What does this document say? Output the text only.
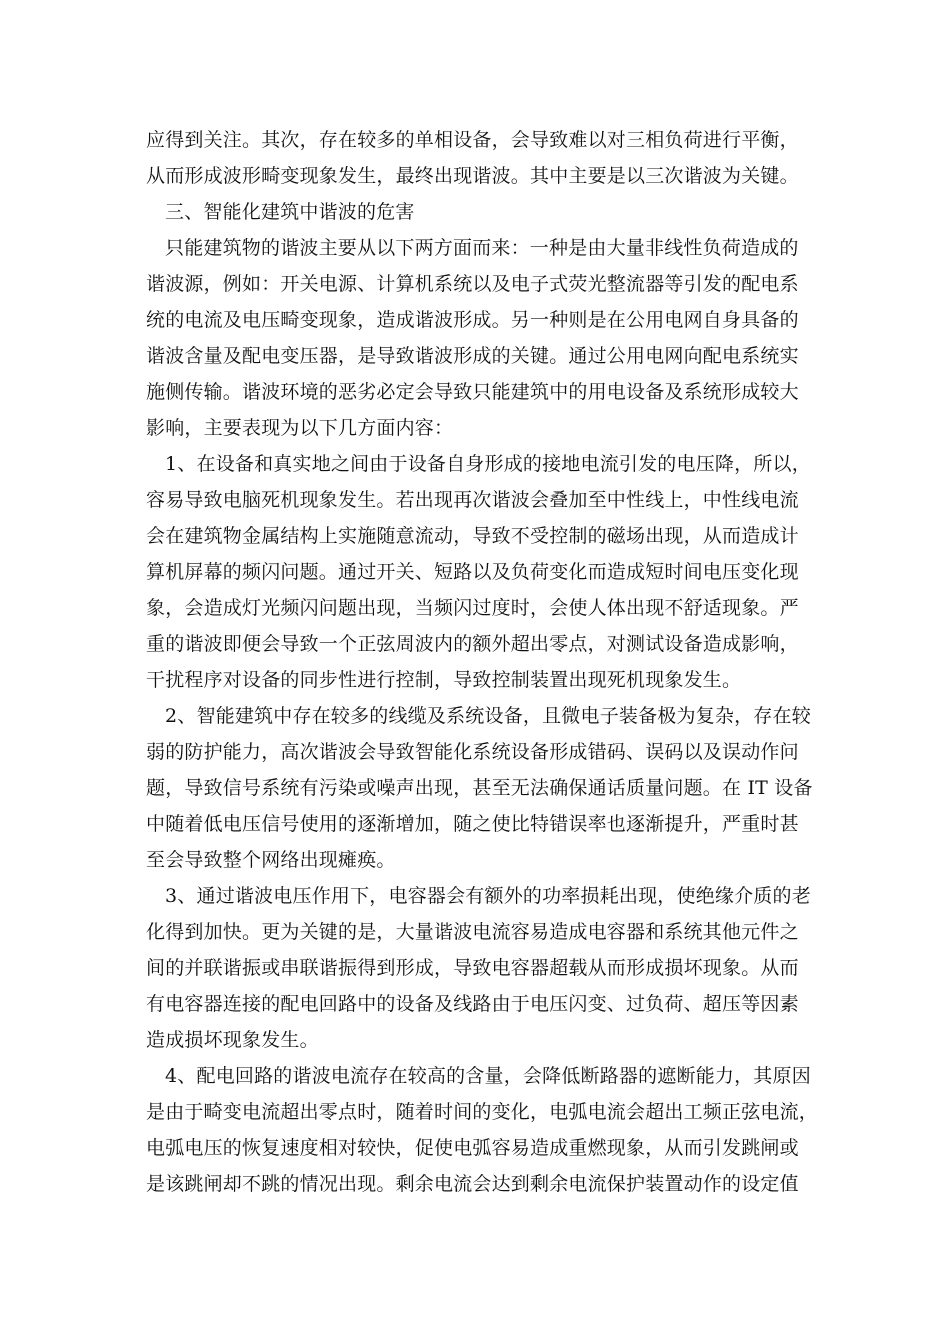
应得到关注。其次，存在较多的单相设备，会导致难以对三相负荷进行平衡，
从而形成波形畸变现象发生，最终出现谐波。其中主要是以三次谐波为关键。
三、智能化建筑中谐波的危害
只能建筑物的谐波主要从以下两方面而来：一种是由大量非线性负荷造成的
谐波源，例如：开关电源、计算机系统以及电子式荧光整流器等引发的配电系
统的电流及电压畸变现象，造成谐波形成。另一种则是在公用电网自身具备的
谐波含量及配电变压器，是导致谐波形成的关键。通过公用电网向配电系统实
施侧传输。谐波环境的恶劣必定会导致只能建筑中的用电设备及系统形成较大
影响，主要表现为以下几方面内容：
1、在设备和真实地之间由于设备自身形成的接地电流引发的电压降，所以，
容易导致电脑死机现象发生。若出现再次谐波会叠加至中性线上，中性线电流
会在建筑物金属结构上实施随意流动，导致不受控制的磁场出现，从而造成计
算机屏幕的频闪问题。通过开关、短路以及负荷变化而造成短时间电压变化现
象，会造成灯光频闪问题出现，当频闪过度时，会使人体出现不舒适现象。严
重的谐波即便会导致一个正弦周波内的额外超出零点，对测试设备造成影响，
干扰程序对设备的同步性进行控制，导致控制装置出现死机现象发生。
2、智能建筑中存在较多的线缆及系统设备，且微电子装备极为复杂，存在较
弱的防护能力，高次谐波会导致智能化系统设备形成错码、误码以及误动作问
题，导致信号系统有污染或噪声出现，甚至无法确保通话质量问题。在 IT 设备
中随着低电压信号使用的逐渐增加，随之使比特错误率也逐渐提升，严重时甚
至会导致整个网络出现瘫痪。
3、通过谐波电压作用下，电容器会有额外的功率损耗出现，使绝缘介质的老
化得到加快。更为关键的是，大量谐波电流容易造成电容器和系统其他元件之
间的并联谐振或串联谐振得到形成，导致电容器超载从而形成损坏现象。从而
有电容器连接的配电回路中的设备及线路由于电压闪变、过负荷、超压等因素
造成损坏现象发生。
4、配电回路的谐波电流存在较高的含量，会降低断路器的遮断能力，其原因
是由于畸变电流超出零点时，随着时间的变化，电弧电流会超出工频正弦电流，
电弧电压的恢复速度相对较快，促使电弧容易造成重燃现象，从而引发跳闸或
是该跳闸却不跳的情况出现。剩余电流会达到剩余电流保护装置动作的设定值
